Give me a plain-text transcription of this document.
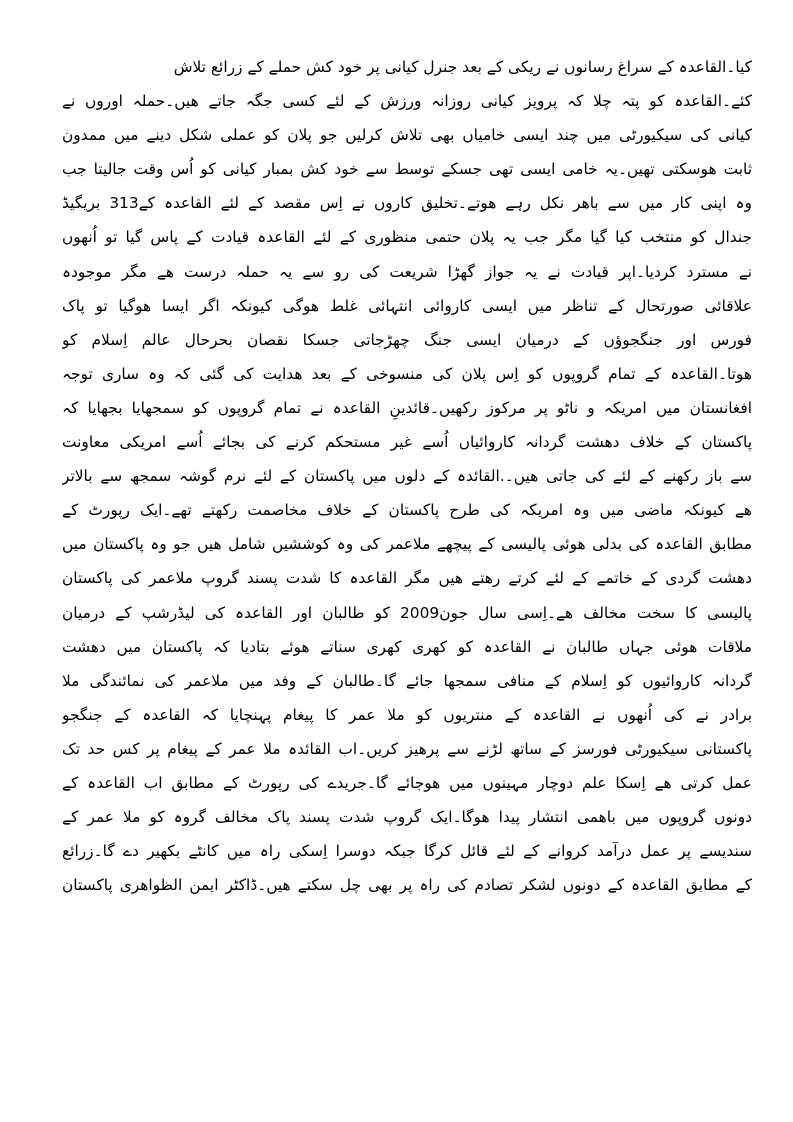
کیا۔القاعدہ کے سراغ رسانوں نے ریکی کے بعد جنرل کیانی پر خود کش حملے کے زرائع تلاش
کئے۔القاعدہ کو پتہ چلا کہ پرویز کیانی روزانہ ورزش کے لئے کسی جگہ جاتے ھیں۔حملہ اوروں نے
کیانی کی سیکیورٹی میں چند ایسی خامیاں بھی تلاش کرلیں جو پلان کو عملی شکل دینے میں ممدون
ثابت ھوسکتی تھیں۔یہ خامی ایسی تھی جسکے توسط سے خود کش بمبار کیانی کو اُس وقت جالیتا جب
وہ اپنی کار میں سے باھر نکل رہے ھوتے۔تخلیق کاروں نے اِس مقصد کے لئے القاعدہ کے313 بریگیڈ
جندال کو منتخب کیا گیا مگر جب یہ پلان حتمی منظوری کے لئے القاعدہ قیادت کے پاس گیا تو اُنھوں
نے مسترد کردیا۔اپر قیادت نے یہ جواز گھڑا شریعت کی رو سے یہ حملہ درست ھے مگر موجودہ
علاقائی صورتحال کے تناظر میں ایسی کاروائی انتہائی غلط ھوگی کیونکہ اگر ایسا ھوگیا تو پاک
فورس اور جنگجوؤں کے درمیان ایسی جنگ چھڑجاتی جسکا نقصان بحرحال عالم اِسلام کو
ھوتا۔القاعدہ کے تمام گروپوں کو اِس پلان کی منسوخی کے بعد ھدایت کی گئی کہ وہ ساری توجہ
افغانستان میں امریکہ و ناٹو پر مرکوز رکھیں۔قائدینِ القاعدہ نے تمام گروپوں کو سمجھایا بجھایا کہ
پاکستان کے خلاف دھشت گردانہ کاروائیاں اُسے غیر مستحکم کرنے کی بجائے اُسے امریکی معاونت
سے باز رکھنے کے لئے کی جاتی ھیں۔.القائدہ کے دلوں میں پاکستان کے لئے نرم گوشہ سمجھ سے بالاتر
ھے کیونکہ ماضی میں وہ امریکہ کی طرح پاکستان کے خلاف مخاصمت رکھتے تھے۔ایک رپورٹ کے
مطابق القاعدہ کی بدلی ھوئی پالیسی کے پیچھے ملاعمر کی وہ کوششیں شامل ھیں جو وہ پاکستان میں
دھشت گردی کے خاتمے کے لئے کرتے رھتے ھیں مگر القاعدہ کا شدت پسند گروپ ملاعمر کی پاکستان
پالیسی کا سخت مخالف ھے۔اِسی سال جون2009 کو طالبان اور القاعدہ کی لیڈرشپ کے درمیان
ملاقات ھوئی جہاں طالبان نے القاعدہ کو کھری کھری سناتے ھوئے بتادیا کہ پاکستان میں دھشت
گردانہ کاروائیوں کو اِسلام کے منافی سمجھا جائے گا۔طالبان کے وفد میں ملاعمر کی نمائندگی ملا
برادر نے کی اُنھوں نے القاعدہ کے منتریوں کو ملا عمر کا پیغام پہنچایا کہ القاعدہ کے جنگجو
پاکستانی سیکیورٹی فورسز کے ساتھ لڑنے سے پرھیز کریں۔اب القائدہ ملا عمر کے پیغام پر کس حد تک
عمل کرتی ھے اِسکا علم دوچار مہینوں میں ھوجائے گا۔جریدے کی رپورٹ کے مطابق اب القاعدہ کے
دونوں گروپوں میں باھمی انتشار پیدا ھوگا۔ایک گروپ شدت پسند پاک مخالف گروہ کو ملا عمر کے
سندیسے پر عمل درآمد کروانے کے لئے قائل کرگا جبکہ دوسرا اِسکی راہ میں کانٹے بکھیر دے گا۔زرائع
کے مطابق القاعدہ کے دونوں لشکر تصادم کی راہ پر بھی چل سکتے ھیں۔ڈاکٹر ایمن الظواھری پاکستان
